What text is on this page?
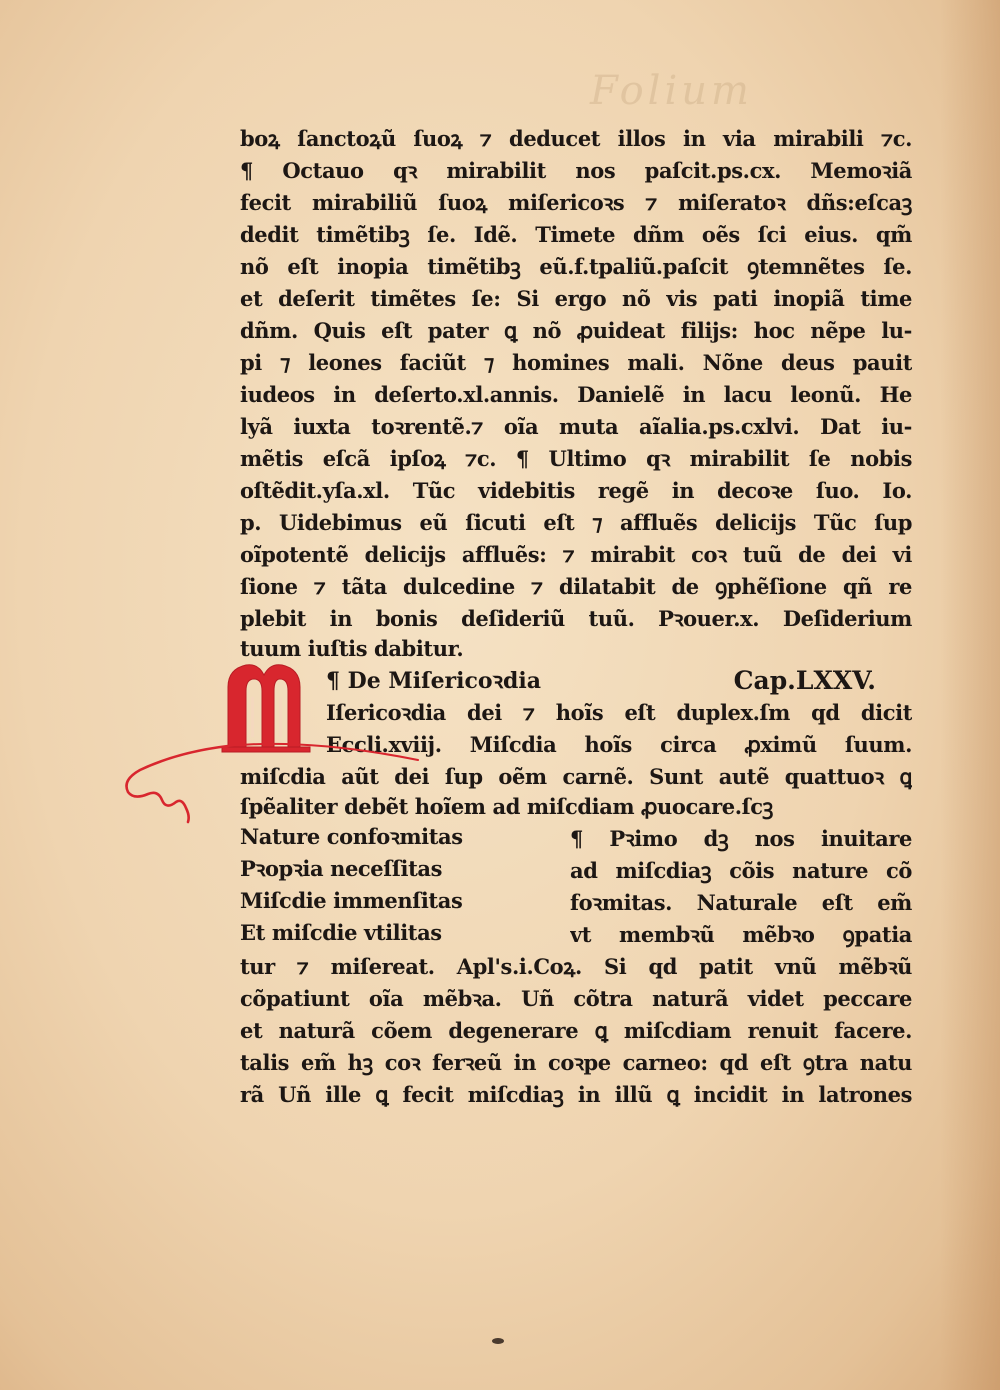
Folium
boꝝ ſanctoꝝũ ſuoꝝ ⁊ deducet illos in via mirabili ⁊c.
¶ Octauo qꝛ mirabilit nos paſcit.ps.cx. Memoꝛiã
fecit mirabiliũ ſuoꝝ miſericoꝛs ⁊ miſeratoꝛ dñs:eſcaꝫ
dedit timẽtibꝫ ſe. Idẽ. Timete dñm oẽs ſci eius. qm̃
nõ eſt inopia timẽtibꝫ eũ.f.tpaliũ.paſcit ꝯtemnẽtes ſe.
et deſerit timẽtes ſe: Si ergo nõ vis pati inopiã time
dñm. Quis eſt pater ꝗ nõ ꝓuideat filijs: hoc nẽpe lu-
pi ⁊ leones faciũt ⁊ homines mali. Nõne deus pauit
iudeos in deſerto.xl.annis. Danielẽ in lacu leonũ. He
lyã iuxta toꝛrentẽ.⁊ oĩa muta aĩalia.ps.cxlvi. Dat iu-
mẽtis eſcã ipſoꝝ ⁊c. ¶ Ultimo qꝛ mirabilit ſe nobis
oſtẽdit.yſa.xl. Tũc videbitis regẽ in decoꝛe ſuo. Io.
p. Uidebimus eũ ſicuti eſt ⁊ affluẽs delicijs Tũc ſup
oĩpotentẽ delicijs affluẽs: ⁊ mirabit coꝛ tuũ de dei vi
ſione ⁊ tãta dulcedine ⁊ dilatabit de ꝯphẽſione qñ re
plebit in bonis deſideriũ tuũ. Pꝛouer.x. Deſiderium
tuum iuſtis dabitur.
¶ De Miſericoꝛdia	Cap.LXXV.
Iſericoꝛdia dei ⁊ hoĩs eſt duplex.ſm qd dicit
Eccli.xviij. Miſcdia hoĩs circa ꝓximũ ſuum.
miſcdia aũt dei ſup oẽm carnẽ. Sunt autẽ quattuoꝛ ꝗ
ſpẽaliter debẽt hoĩem ad miſcdiam ꝓuocare.ſcꝫ
Nature confoꝛmitas
Pꝛopꝛia neceſſitas
Miſcdie immenſitas
Et miſcdie vtilitas
¶ Pꝛimo dꝫ nos inuitare
ad miſcdiaꝫ cõis nature cõ
foꝛmitas. Naturale eſt em̃
vt membꝛũ mẽbꝛo ꝯpatia
tur ⁊ miſereat. Apl's.i.Coꝝ. Si qd patit vnũ mẽbꝛũ
cõpatiunt oĩa mẽbꝛa. Uñ cõtra naturã videt peccare
et naturã cõem degenerare ꝗ miſcdiam renuit facere.
talis em̃ hꝫ coꝛ ferꝛeũ in coꝛpe carneo: qd eſt ꝯtra natu
rã Uñ ille ꝗ fecit miſcdiaꝫ in illũ ꝗ incidit in latrones
